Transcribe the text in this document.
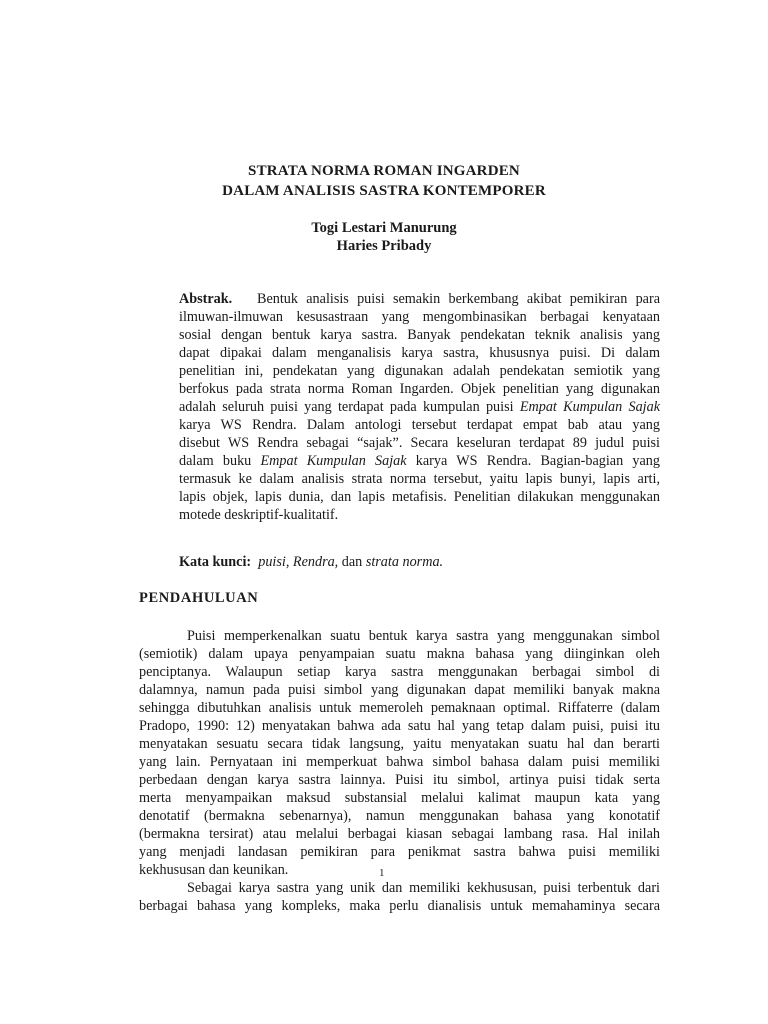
STRATA NORMA ROMAN INGARDEN
DALAM ANALISIS SASTRA KONTEMPORER
Togi Lestari Manurung
Haries Pribady
Abstrak. Bentuk analisis puisi semakin berkembang akibat pemikiran para
ilmuwan-ilmuwan kesusastraan yang mengombinasikan berbagai kenyataan
sosial dengan bentuk karya sastra. Banyak pendekatan teknik analisis yang
dapat dipakai dalam menganalisis karya sastra, khususnya puisi. Di dalam
penelitian ini, pendekatan yang digunakan adalah pendekatan semiotik yang
berfokus pada strata norma Roman Ingarden. Objek penelitian yang digunakan
adalah seluruh puisi yang terdapat pada kumpulan puisi Empat Kumpulan Sajak
karya WS Rendra. Dalam antologi tersebut terdapat empat bab atau yang
disebut WS Rendra sebagai “sajak”. Secara keseluran terdapat 89 judul puisi
dalam buku Empat Kumpulan Sajak karya WS Rendra. Bagian-bagian yang
termasuk ke dalam analisis strata norma tersebut, yaitu lapis bunyi, lapis arti,
lapis objek, lapis dunia, dan lapis metafisis. Penelitian dilakukan menggunakan
motede deskriptif-kualitatif.
Kata kunci: puisi, Rendra, dan strata norma.
PENDAHULUAN
Puisi memperkenalkan suatu bentuk karya sastra yang menggunakan simbol
(semiotik) dalam upaya penyampaian suatu makna bahasa yang diinginkan oleh
penciptanya. Walaupun setiap karya sastra menggunakan berbagai simbol di
dalamnya, namun pada puisi simbol yang digunakan dapat memiliki banyak makna
sehingga dibutuhkan analisis untuk memeroleh pemaknaan optimal. Riffaterre (dalam
Pradopo, 1990: 12) menyatakan bahwa ada satu hal yang tetap dalam puisi, puisi itu
menyatakan sesuatu secara tidak langsung, yaitu menyatakan suatu hal dan berarti
yang lain. Pernyataan ini memperkuat bahwa simbol bahasa dalam puisi memiliki
perbedaan dengan karya sastra lainnya. Puisi itu simbol, artinya puisi tidak serta
merta menyampaikan maksud substansial melalui kalimat maupun kata yang
denotatif (bermakna sebenarnya), namun menggunakan bahasa yang konotatif
(bermakna tersirat) atau melalui berbagai kiasan sebagai lambang rasa. Hal inilah
yang menjadi landasan pemikiran para penikmat sastra bahwa puisi memiliki
kekhususan dan keunikan.	1
Sebagai karya sastra yang unik dan memiliki kekhususan, puisi terbentuk dari
berbagai bahasa yang kompleks, maka perlu dianalisis untuk memahaminya secara
